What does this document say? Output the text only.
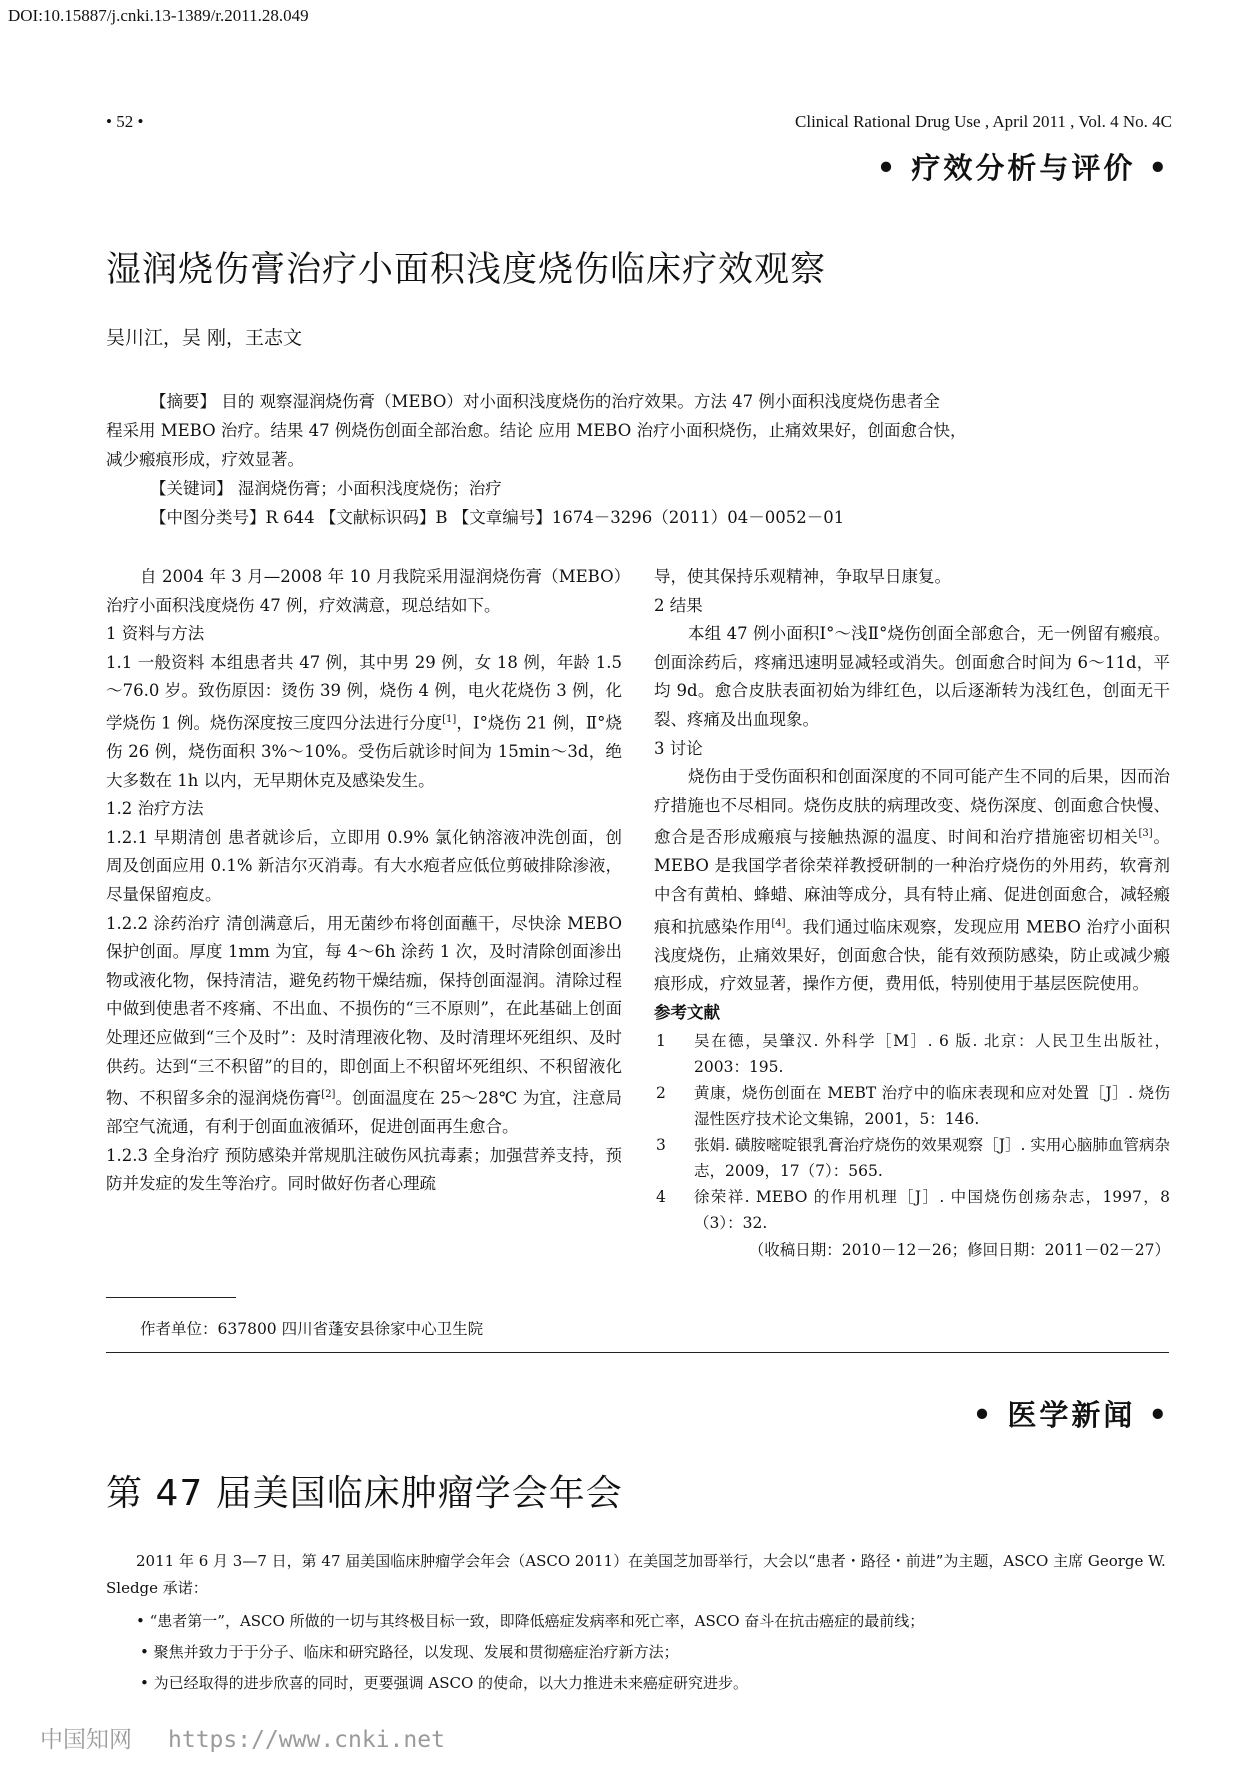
DOI:10.15887/j.cnki.13-1389/r.2011.28.049
• 52 •	Clinical Rational Drug Use , April 2011 , Vol. 4 No. 4C
• 疗效分析与评价 •
湿润烧伤膏治疗小面积浅度烧伤临床疗效观察
吴川江，吴 刚，王志文
【摘要】 目的 观察湿润烧伤膏（MEBO）对小面积浅度烧伤的治疗效果。方法 47 例小面积浅度烧伤患者全
程采用 MEBO 治疗。结果 47 例烧伤创面全部治愈。结论 应用 MEBO 治疗小面积烧伤，止痛效果好，创面愈合快，
减少瘢痕形成，疗效显著。
【关键词】 湿润烧伤膏；小面积浅度烧伤；治疗
【中图分类号】R 644 【文献标识码】B 【文章编号】1674－3296（2011）04－0052－01

自 2004 年 3 月—2008 年 10 月我院采用湿润烧伤膏（MEBO）治疗小面积浅度烧伤 47 例，疗效满意，现总结如下。

1 资料与方法

1.1 一般资料 本组患者共 47 例，其中男 29 例，女 18 例，年龄 1.5～76.0 岁。致伤原因：烫伤 39 例，烧伤 4 例，电火花烧伤 3 例，化学烧伤 1 例。烧伤深度按三度四分法进行分度[1]，Ⅰ°烧伤 21 例，Ⅱ°烧伤 26 例，烧伤面积 3%～10%。受伤后就诊时间为 15min～3d，绝大多数在 1h 以内，无早期休克及感染发生。

1.2 治疗方法

1.2.1 早期清创 患者就诊后，立即用 0.9% 氯化钠溶液冲洗创面，创周及创面应用 0.1% 新洁尔灭消毒。有大水疱者应低位剪破排除渗液，尽量保留疱皮。

1.2.2 涂药治疗 清创满意后，用无菌纱布将创面蘸干，尽快涂 MEBO 保护创面。厚度 1mm 为宜，每 4～6h 涂药 1 次，及时清除创面渗出物或液化物，保持清洁，避免药物干燥结痂，保持创面湿润。清除过程中做到使患者不疼痛、不出血、不损伤的“三不原则”，在此基础上创面处理还应做到“三个及时”：及时清理液化物、及时清理坏死组织、及时供药。达到“三不积留”的目的，即创面上不积留坏死组织、不积留液化物、不积留多余的湿润烧伤膏[2]。创面温度在 25～28℃ 为宜，注意局部空气流通，有利于创面血液循环，促进创面再生愈合。

1.2.3 全身治疗 预防感染并常规肌注破伤风抗毒素；加强营养支持，预防并发症的发生等治疗。同时做好伤者心理疏

导，使其保持乐观精神，争取早日康复。

2 结果

本组 47 例小面积Ⅰ°～浅Ⅱ°烧伤创面全部愈合，无一例留有瘢痕。创面涂药后，疼痛迅速明显减轻或消失。创面愈合时间为 6～11d，平均 9d。愈合皮肤表面初始为绯红色，以后逐渐转为浅红色，创面无干裂、疼痛及出血现象。

3 讨论

烧伤由于受伤面积和创面深度的不同可能产生不同的后果，因而治疗措施也不尽相同。烧伤皮肤的病理改变、烧伤深度、创面愈合快慢、愈合是否形成瘢痕与接触热源的温度、时间和治疗措施密切相关[3]。MEBO 是我国学者徐荣祥教授研制的一种治疗烧伤的外用药，软膏剂中含有黄柏、蜂蜡、麻油等成分，具有特止痛、促进创面愈合，减轻瘢痕和抗感染作用[4]。我们通过临床观察，发现应用 MEBO 治疗小面积浅度烧伤，止痛效果好，创面愈合快，能有效预防感染，防止或减少瘢痕形成，疗效显著，操作方便，费用低，特别使用于基层医院使用。

参考文献

1 吴在德，吴肇汉. 外科学［M］. 6 版. 北京：人民卫生出版社，2003：195.
2 黄康，烧伤创面在 MEBT 治疗中的临床表现和应对处置［J］. 烧伤湿性医疗技术论文集锦，2001，5：146.
3 张娟. 磺胺嘧啶银乳膏治疗烧伤的效果观察［J］. 实用心脑肺血管病杂志，2009，17（7）：565.
4 徐荣祥. MEBO 的作用机理［J］. 中国烧伤创疡杂志，1997，8（3）：32.

（收稿日期：2010－12－26；修回日期：2011－02－27）

作者单位：637800 四川省蓬安县徐家中心卫生院
• 医学新闻 •
第 47 届美国临床肿瘤学会年会

2011 年 6 月 3—7 日，第 47 届美国临床肿瘤学会年会（ASCO 2011）在美国芝加哥举行，大会以“患者・路径・前进”为主题，ASCO 主席 George W. Sledge 承诺：

• “患者第一”，ASCO 所做的一切与其终极目标一致，即降低癌症发病率和死亡率，ASCO 奋斗在抗击癌症的最前线；

• 聚焦并致力于于分子、临床和研究路径，以发现、发展和贯彻癌症治疗新方法；

• 为已经取得的进步欣喜的同时，更要强调 ASCO 的使命，以大力推进未来癌症研究进步。

中国知网 https://www.cnki.net
